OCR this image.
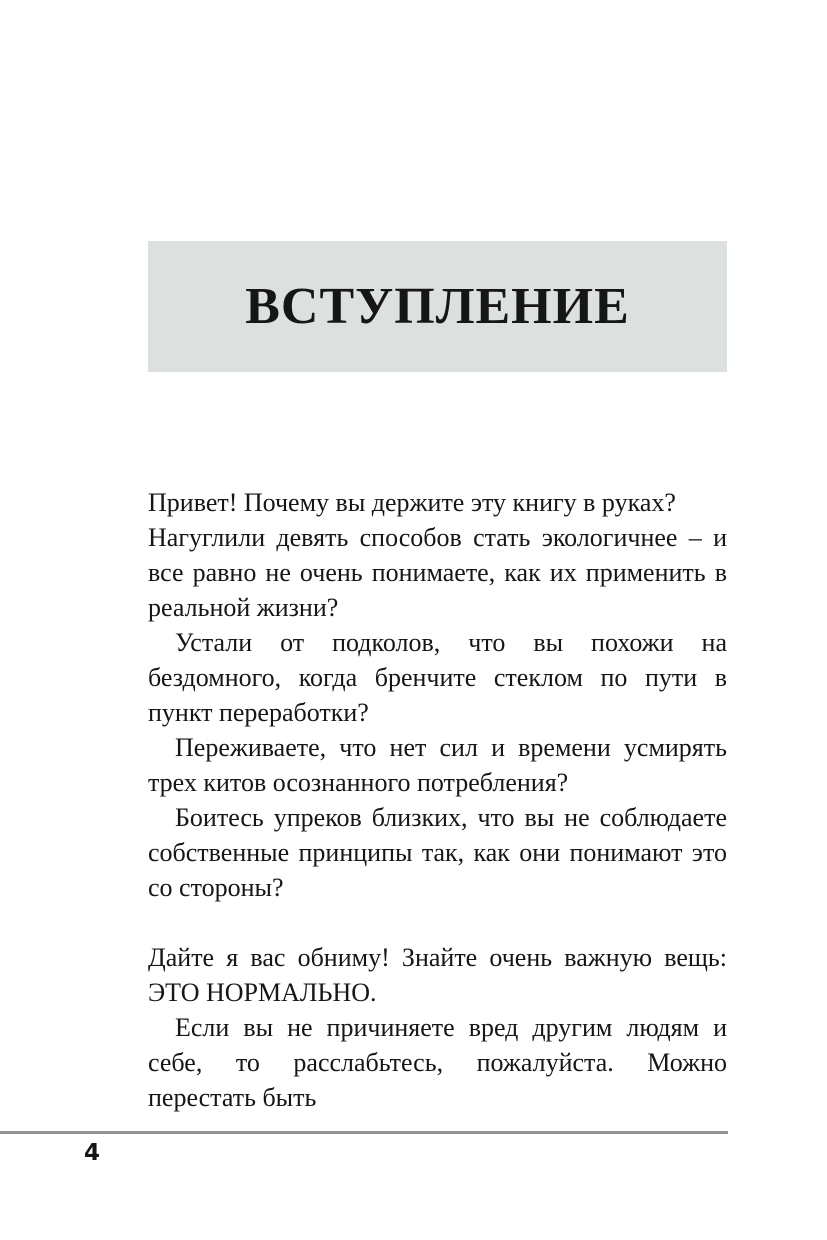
ВСТУПЛЕНИЕ

Привет! Почему вы держите эту книгу в руках?

Нагуглили девять способов стать экологичнее – и все равно не очень понимаете, как их применить в реальной жизни?

Устали от подколов, что вы похожи на бездомного, когда бренчите стеклом по пути в пункт переработки?

Переживаете, что нет сил и времени усмирять трех китов осознанного потребления?

Боитесь упреков близких, что вы не соблюдаете собственные принципы так, как они понимают это со стороны?

Дайте я вас обниму! Знайте очень важную вещь: ЭТО НОРМАЛЬНО.

Если вы не причиняете вред другим людям и себе, то расслабьтесь, пожалуйста. Можно перестать быть

4
